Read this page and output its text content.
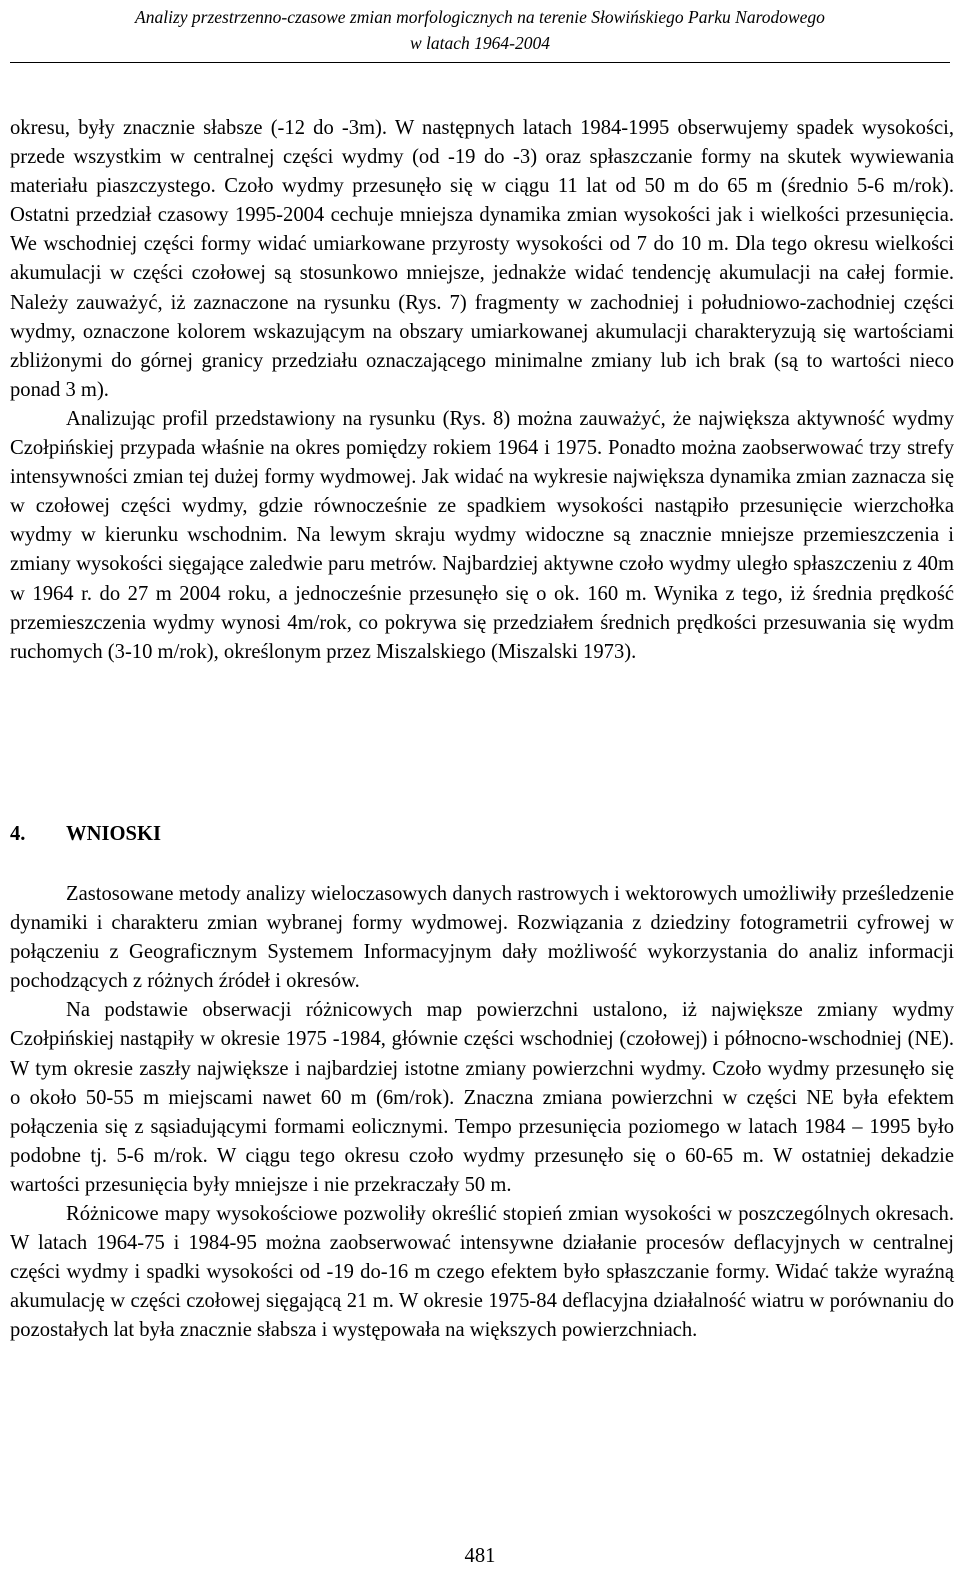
Analizy przestrzenno-czasowe zmian morfologicznych na terenie Słowińskiego Parku Narodowego
w latach 1964-2004

okresu, były znacznie słabsze (-12 do -3m). W następnych latach 1984-1995 obserwujemy spadek wysokości, przede wszystkim w centralnej części wydmy (od -19 do -3) oraz spłaszczanie formy na skutek wywiewania materiału piaszczystego. Czoło wydmy przesunęło się w ciągu 11 lat od 50 m do 65 m (średnio 5-6 m/rok). Ostatni przedział czasowy 1995-2004 cechuje mniejsza dynamika zmian wysokości jak i wielkości przesunięcia. We wschodniej części formy widać umiarkowane przyrosty wysokości od 7 do 10 m. Dla tego okresu wielkości akumulacji w części czołowej są stosunkowo mniejsze, jednakże widać tendencję akumulacji na całej formie. Należy zauważyć, iż zaznaczone na rysunku (Rys. 7) fragmenty w zachodniej i południowo-zachodniej części wydmy, oznaczone kolorem wskazującym na obszary umiarkowanej akumulacji charakteryzują się wartościami zbliżonymi do górnej granicy przedziału oznaczającego minimalne zmiany lub ich brak (są to wartości nieco ponad 3 m).

Analizując profil przedstawiony na rysunku (Rys. 8) można zauważyć, że największa aktywność wydmy Czołpińskiej przypada właśnie na okres pomiędzy rokiem 1964 i 1975. Ponadto można zaobserwować trzy strefy intensywności zmian tej dużej formy wydmowej. Jak widać na wykresie największa dynamika zmian zaznacza się w czołowej części wydmy, gdzie równocześnie ze spadkiem wysokości nastąpiło przesunięcie wierzchołka wydmy w kierunku wschodnim. Na lewym skraju wydmy widoczne są znacznie mniejsze przemieszczenia i zmiany wysokości sięgające zaledwie paru metrów. Najbardziej aktywne czoło wydmy uległo spłaszczeniu z 40m w 1964 r. do 27 m 2004 roku, a jednocześnie przesunęło się o ok. 160 m. Wynika z tego, iż średnia prędkość przemieszczenia wydmy wynosi 4m/rok, co pokrywa się przedziałem średnich prędkości przesuwania się wydm ruchomych (3-10 m/rok), określonym przez Miszalskiego (Miszalski 1973).

4. WNIOSKI

Zastosowane metody analizy wieloczasowych danych rastrowych i wektorowych umożliwiły prześledzenie dynamiki i charakteru zmian wybranej formy wydmowej. Rozwiązania z dziedziny fotogrametrii cyfrowej w połączeniu z Geograficznym Systemem Informacyjnym dały możliwość wykorzystania do analiz informacji pochodzących z różnych źródeł i okresów.

Na podstawie obserwacji różnicowych map powierzchni ustalono, iż największe zmiany wydmy Czołpińskiej nastąpiły w okresie 1975 -1984, głównie części wschodniej (czołowej) i północno-wschodniej (NE). W tym okresie zaszły największe i najbardziej istotne zmiany powierzchni wydmy. Czoło wydmy przesunęło się o około 50-55 m miejscami nawet 60 m (6m/rok). Znaczna zmiana powierzchni w części NE była efektem połączenia się z sąsiadującymi formami eolicznymi. Tempo przesunięcia poziomego w latach 1984 – 1995 było podobne tj. 5-6 m/rok. W ciągu tego okresu czoło wydmy przesunęło się o 60-65 m. W ostatniej dekadzie wartości przesunięcia były mniejsze i nie przekraczały 50 m.

Różnicowe mapy wysokościowe pozwoliły określić stopień zmian wysokości w poszczególnych okresach. W latach 1964-75 i 1984-95 można zaobserwować intensywne działanie procesów deflacyjnych w centralnej części wydmy i spadki wysokości od -19 do-16 m czego efektem było spłaszczanie formy. Widać także wyraźną akumulację w części czołowej sięgającą 21 m. W okresie 1975-84 deflacyjna działalność wiatru w porównaniu do pozostałych lat była znacznie słabsza i występowała na większych powierzchniach.

481
